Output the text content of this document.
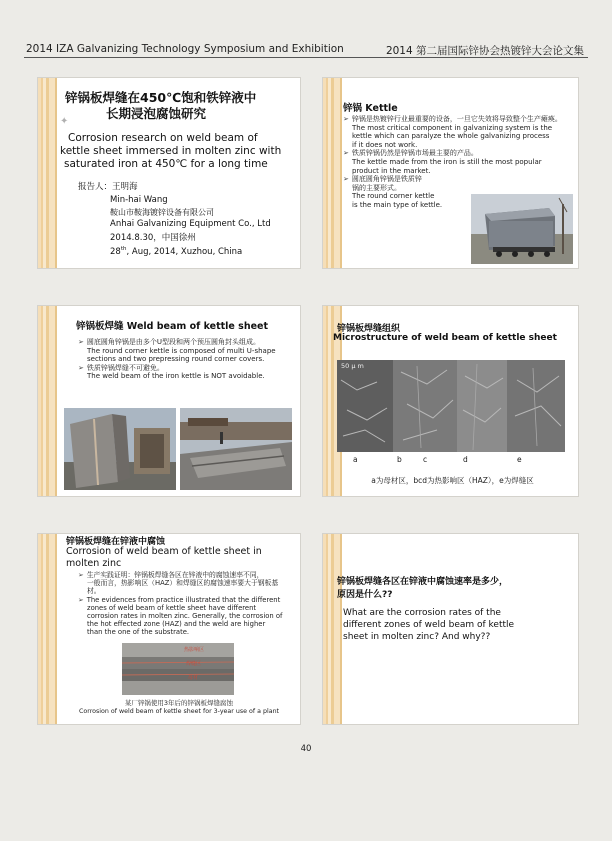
2014 IZA Galvanizing Technology Symposium and Exhibition	2014 第二届国际锌协会热镀锌大会论文集
锌锅板焊缝在450℃饱和铁锌液中
长期浸泡腐蚀研究
✦
Corrosion research on weld beam of
kettle sheet immersed in molten zinc with
saturated iron at 450℃ for a long time
报告人：王明海
Min-hai Wang
鞍山市鞍海镀锌设备有限公司
Anhai Galvanizing Equipment Co., Ltd
2014.8.30，中国徐州
28th, Aug, 2014, Xuzhou, China
锌锅 Kettle
➢ 锌锅是热镀锌行业最重要的设备，一旦它失效将导致整个生产瘫痪。
The most critical component in galvanizing system is the
kettle which can paralyze the whole galvanizing process
if it does not work.
➢ 铁质锌锅仍然是锌锅市场最主要的产品。
The kettle made from the iron is still the most popular
product in the market.
➢ 圆底圆角锌锅是铁质锌
锅的主要形式。
The round corner kettle
is the main type of kettle.
锌锅板焊缝 Weld beam of kettle sheet
➢ 圆底圆角锌锅是由多个U型段和两个预压圆角封头组成。
The round corner kettle is composed of multi U-shape
sections and two prepressing round corner covers.
➢ 铁质锌锅焊缝不可避免。
The weld beam of the iron kettle is NOT avoidable.
锌锅板焊缝组织
Microstructure of weld beam of kettle sheet
50 μ m
a	b	c	d	e
a为母材区，bcd为热影响区（HAZ），e为焊缝区
锌锅板焊缝在锌液中腐蚀
Corrosion of weld beam of kettle sheet in
molten zinc
➢ 生产实践证明：锌锅板焊缝各区在锌液中的腐蚀速率不同，
一般而言，热影响区（HAZ）和焊缝区的腐蚀速率要大于钢板基
材。
➢ The evidences from practice illustrated that the different
zones of weld beam of kettle sheet have different
corrosion rates in molten zinc. Generally, the corrosion of
the hot effected zone (HAZ) and the weld are higher
than the one of the substrate.
热影响区
焊缝区
母材
某厂锌锅使用3年后的锌锅板焊缝腐蚀
Corrosion of weld beam of kettle sheet for 3-year use of a plant
锌锅板焊缝各区在锌液中腐蚀速率是多少，
原因是什么??
What are the corrosion rates of the
different zones of weld beam of kettle
sheet in molten zinc? And why??
40
